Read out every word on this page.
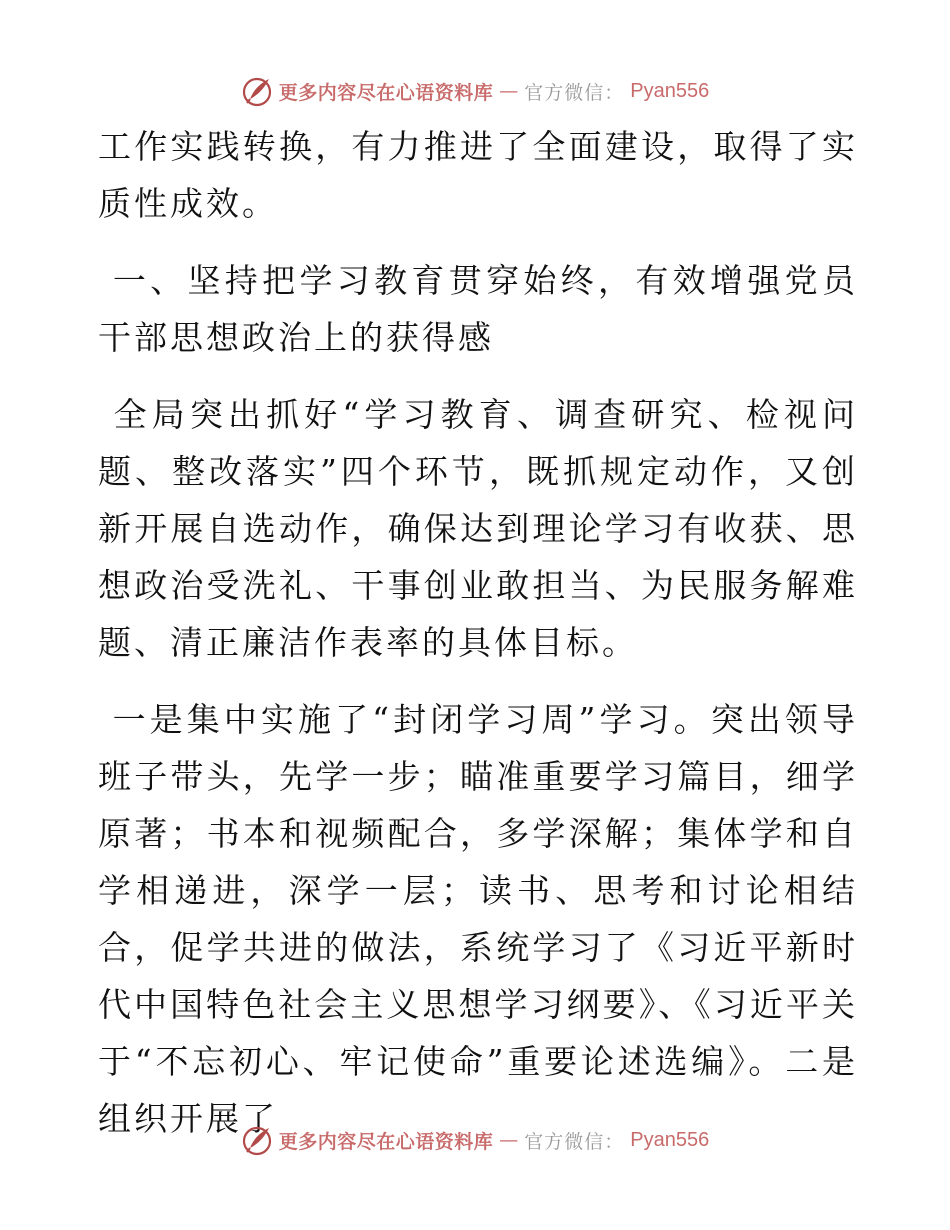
更多内容尽在心语资料库 — 官方微信： Pyan556

工作实践转换，有力推进了全面建设，取得了实质性成效。

一、坚持把学习教育贯穿始终，有效增强党员干部思想政治上的获得感

全局突出抓好“学习教育、调查研究、检视问题、整改落实”四个环节，既抓规定动作，又创新开展自选动作，确保达到理论学习有收获、思想政治受洗礼、干事创业敢担当、为民服务解难题、清正廉洁作表率的具体目标。

一是集中实施了“封闭学习周”学习。突出领导班子带头，先学一步；瞄准重要学习篇目，细学原著；书本和视频配合，多学深解；集体学和自学相递进，深学一层；读书、思考和讨论相结合，促学共进的做法，系统学习了《习近平新时代中国特色社会主义思想学习纲要》、《习近平关于“不忘初心、牢记使命”重要论述选编》。二是组织开展了

更多内容尽在心语资料库 — 官方微信： Pyan556
